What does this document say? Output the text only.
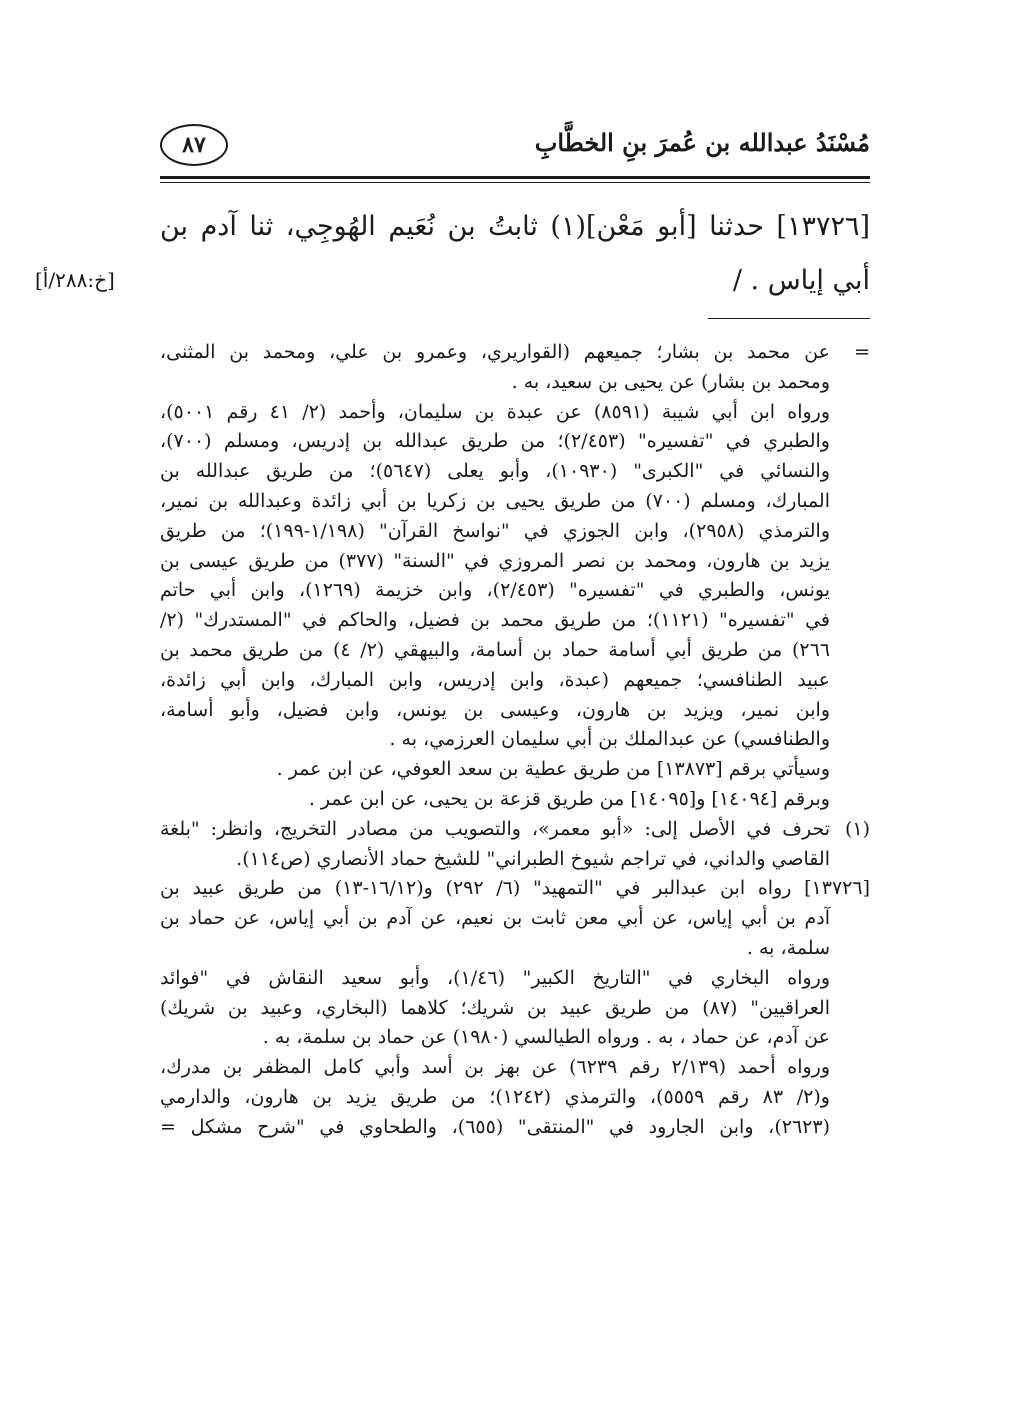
مُسْنَدُ عبدالله بن عُمرَ بنِ الخطَّابِ
٨٧

[١٣٧٢٦] حدثنا [أبو مَعْن](١) ثابتُ بن نُعَيم الهُوجِي، ثنا آدم بن

أبي إياس . /

[خ:٢٨٨/أ]
=
عن محمد بن بشار؛ جميعهم (القواريري، وعمرو بن علي، ومحمد بن المثنى،
ومحمد بن بشار) عن يحيى بن سعيد، به .
ورواه ابن أبي شيبة (٨٥٩١) عن عبدة بن سليمان، وأحمد (٢/ ٤١ رقم ٥٠٠١)،
والطبري في "تفسيره" (٢/٤٥٣)؛ من طريق عبدالله بن إدريس، ومسلم (٧٠٠)،
والنسائي في "الكبرى" (١٠٩٣٠)، وأبو يعلى (٥٦٤٧)؛ من طريق عبدالله بن
المبارك، ومسلم (٧٠٠) من طريق يحيى بن زكريا بن أبي زائدة وعبدالله بن نمير،
والترمذي (٢٩٥٨)، وابن الجوزي في "نواسخ القرآن" (١/١٩٨-١٩٩)؛ من طريق
يزيد بن هارون، ومحمد بن نصر المروزي في "السنة" (٣٧٧) من طريق عيسى بن
يونس، والطبري في "تفسيره" (٢/٤٥٣)، وابن خزيمة (١٢٦٩)، وابن أبي حاتم
في "تفسيره" (١١٢١)؛ من طريق محمد بن فضيل، والحاكم في "المستدرك" (٢/
٢٦٦) من طريق أبي أسامة حماد بن أسامة، والبيهقي (٢/ ٤) من طريق محمد بن
عبيد الطنافسي؛ جميعهم (عبدة، وابن إدريس، وابن المبارك، وابن أبي زائدة،
وابن نمير، ويزيد بن هارون، وعيسى بن يونس، وابن فضيل، وأبو أسامة،
والطنافسي) عن عبدالملك بن أبي سليمان العرزمي، به .
وسيأتي برقم [١٣٨٧٣] من طريق عطية بن سعد العوفي، عن ابن عمر .
وبرقم [١٤٠٩٤] و[١٤٠٩٥] من طريق قزعة بن يحيى، عن ابن عمر .
(١)
تحرف في الأصل إلى: «أبو معمر»، والتصويب من مصادر التخريج، وانظر: "بلغة
القاصي والداني، في تراجم شيوخ الطبراني" للشيخ حماد الأنصاري (ص١١٤).
[١٣٧٢٦] رواه ابن عبدالبر في "التمهيد" (٦/ ٢٩٢) و(١٦/١٢-١٣) من طريق عبيد بن
آدم بن أبي إياس، عن أبي معن ثابت بن نعيم، عن آدم بن أبي إياس، عن حماد بن
سلمة، به .
ورواه البخاري في "التاريخ الكبير" (١/٤٦)، وأبو سعيد النقاش في "فوائد
العراقيين" (٨٧) من طريق عبيد بن شريك؛ كلاهما (البخاري، وعبيد بن شريك)
عن آدم، عن حماد ، به . ورواه الطيالسي (١٩٨٠) عن حماد بن سلمة، به .
ورواه أحمد (٢/١٣٩ رقم ٦٢٣٩) عن بهز بن أسد وأبي كامل المظفر بن مدرك،
و(٢/ ٨٣ رقم ٥٥٥٩)، والترمذي (١٢٤٢)؛ من طريق يزيد بن هارون، والدارمي
(٢٦٢٣)، وابن الجارود في "المنتقى" (٦٥٥)، والطحاوي في "شرح مشكل =
